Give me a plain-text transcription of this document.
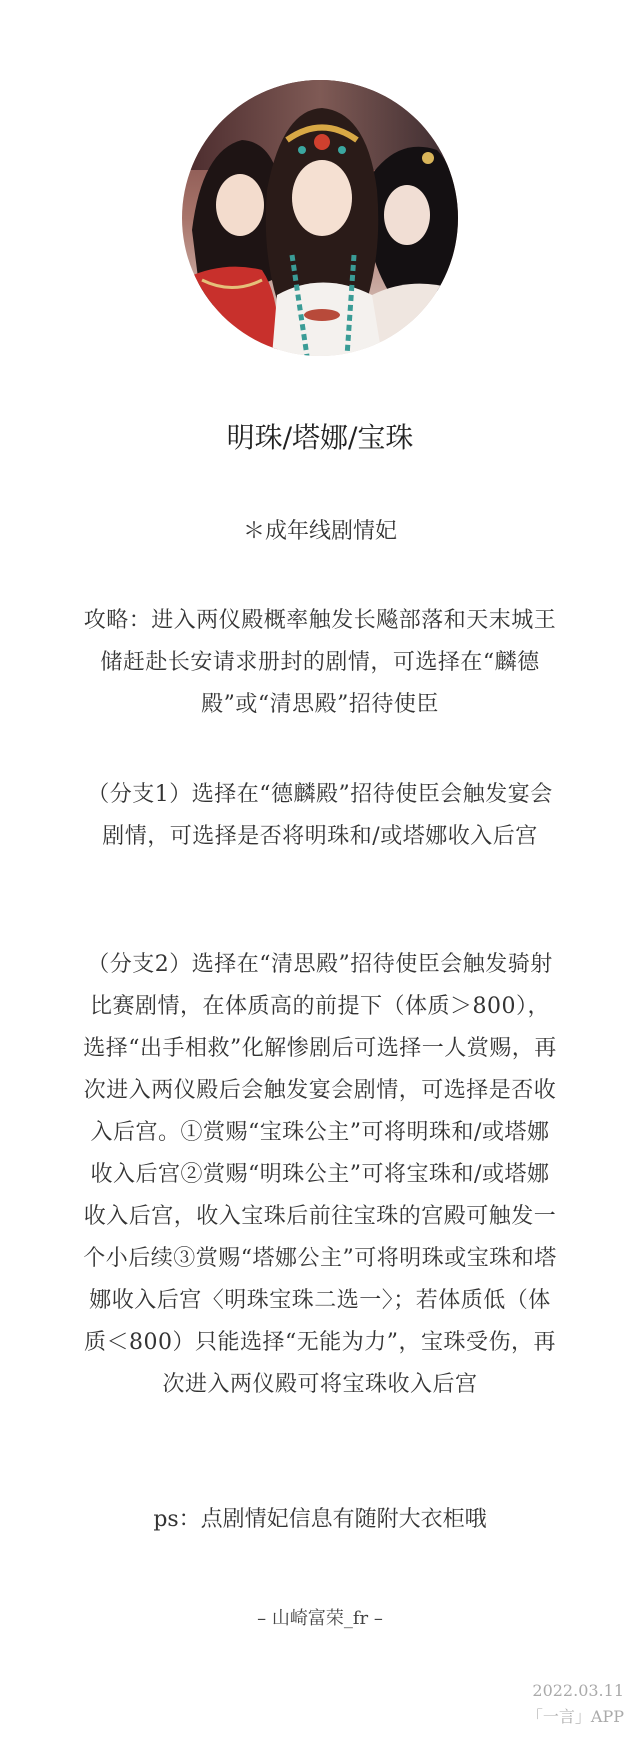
明珠/塔娜/宝珠
＊成年线剧情妃
攻略：进入两仪殿概率触发长飚部落和天末城王储赶赴长安请求册封的剧情，可选择在“麟德殿”或“清思殿”招待使臣
（分支1）选择在“德麟殿”招待使臣会触发宴会剧情，可选择是否将明珠和/或塔娜收入后宫
（分支2）选择在“清思殿”招待使臣会触发骑射比赛剧情，在体质高的前提下（体质＞800），选择“出手相救”化解惨剧后可选择一人赏赐，再次进入两仪殿后会触发宴会剧情，可选择是否收入后宫。①赏赐“宝珠公主”可将明珠和/或塔娜收入后宫②赏赐“明珠公主”可将宝珠和/或塔娜收入后宫，收入宝珠后前往宝珠的宫殿可触发一个小后续③赏赐“塔娜公主”可将明珠或宝珠和塔娜收入后宫〈明珠宝珠二选一〉；若体质低（体质＜800）只能选择“无能为力”，宝珠受伤，再次进入两仪殿可将宝珠收入后宫
ps：点剧情妃信息有随附大衣柜哦
– 山崎富荣_fr –
2022.03.11
「一言」APP
